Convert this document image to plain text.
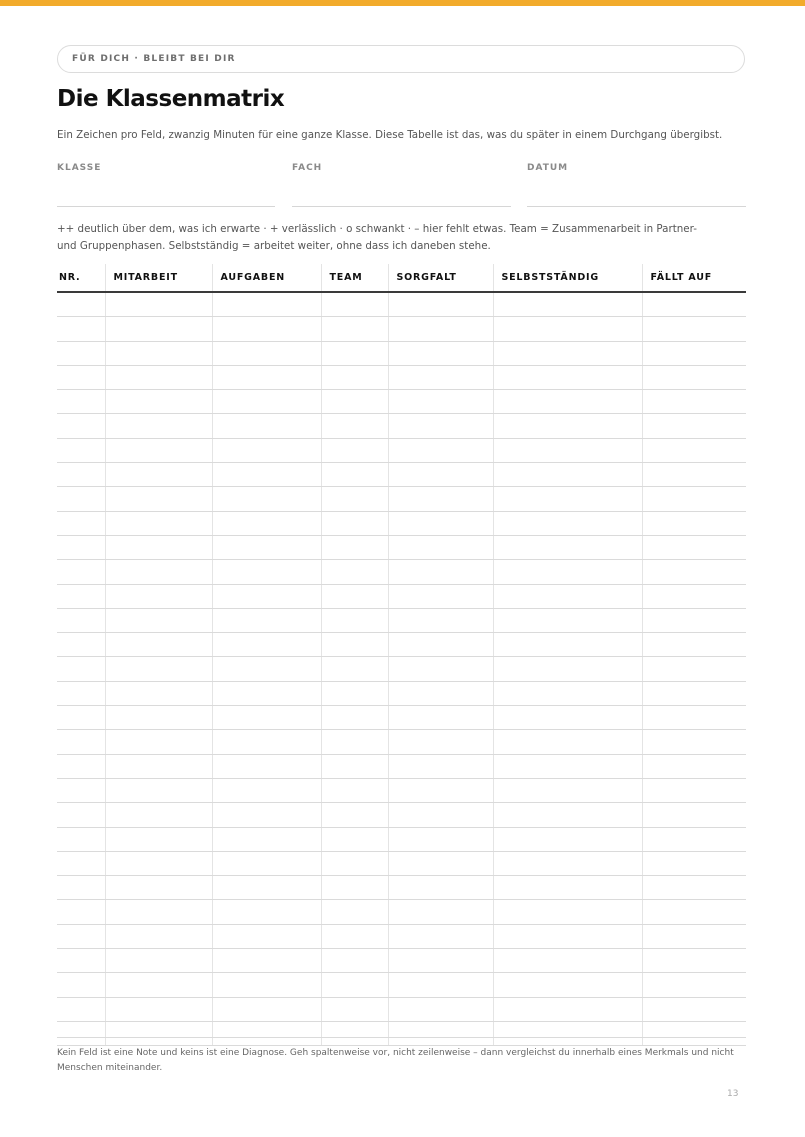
FÜR DICH · BLEIBT BEI DIR
Die Klassenmatrix
Ein Zeichen pro Feld, zwanzig Minuten für eine ganze Klasse. Diese Tabelle ist das, was du später in einem Durchgang übergibst.
KLASSE	FACH	DATUM
++ deutlich über dem, was ich erwarte · + verlässlich · o schwankt · – hier fehlt etwas. Team = Zusammenarbeit in Partner- und Gruppenphasen. Selbstständig = arbeitet weiter, ohne dass ich daneben stehe.
NR.	MITARBEIT	AUFGABEN	TEAM	SORGFALT	SELBSTSTÄNDIG	FÄLLT AUF

Kein Feld ist eine Note und keins ist eine Diagnose. Geh spaltenweise vor, nicht zeilenweise – dann vergleichst du innerhalb eines Merkmals und nicht Menschen miteinander.
13
